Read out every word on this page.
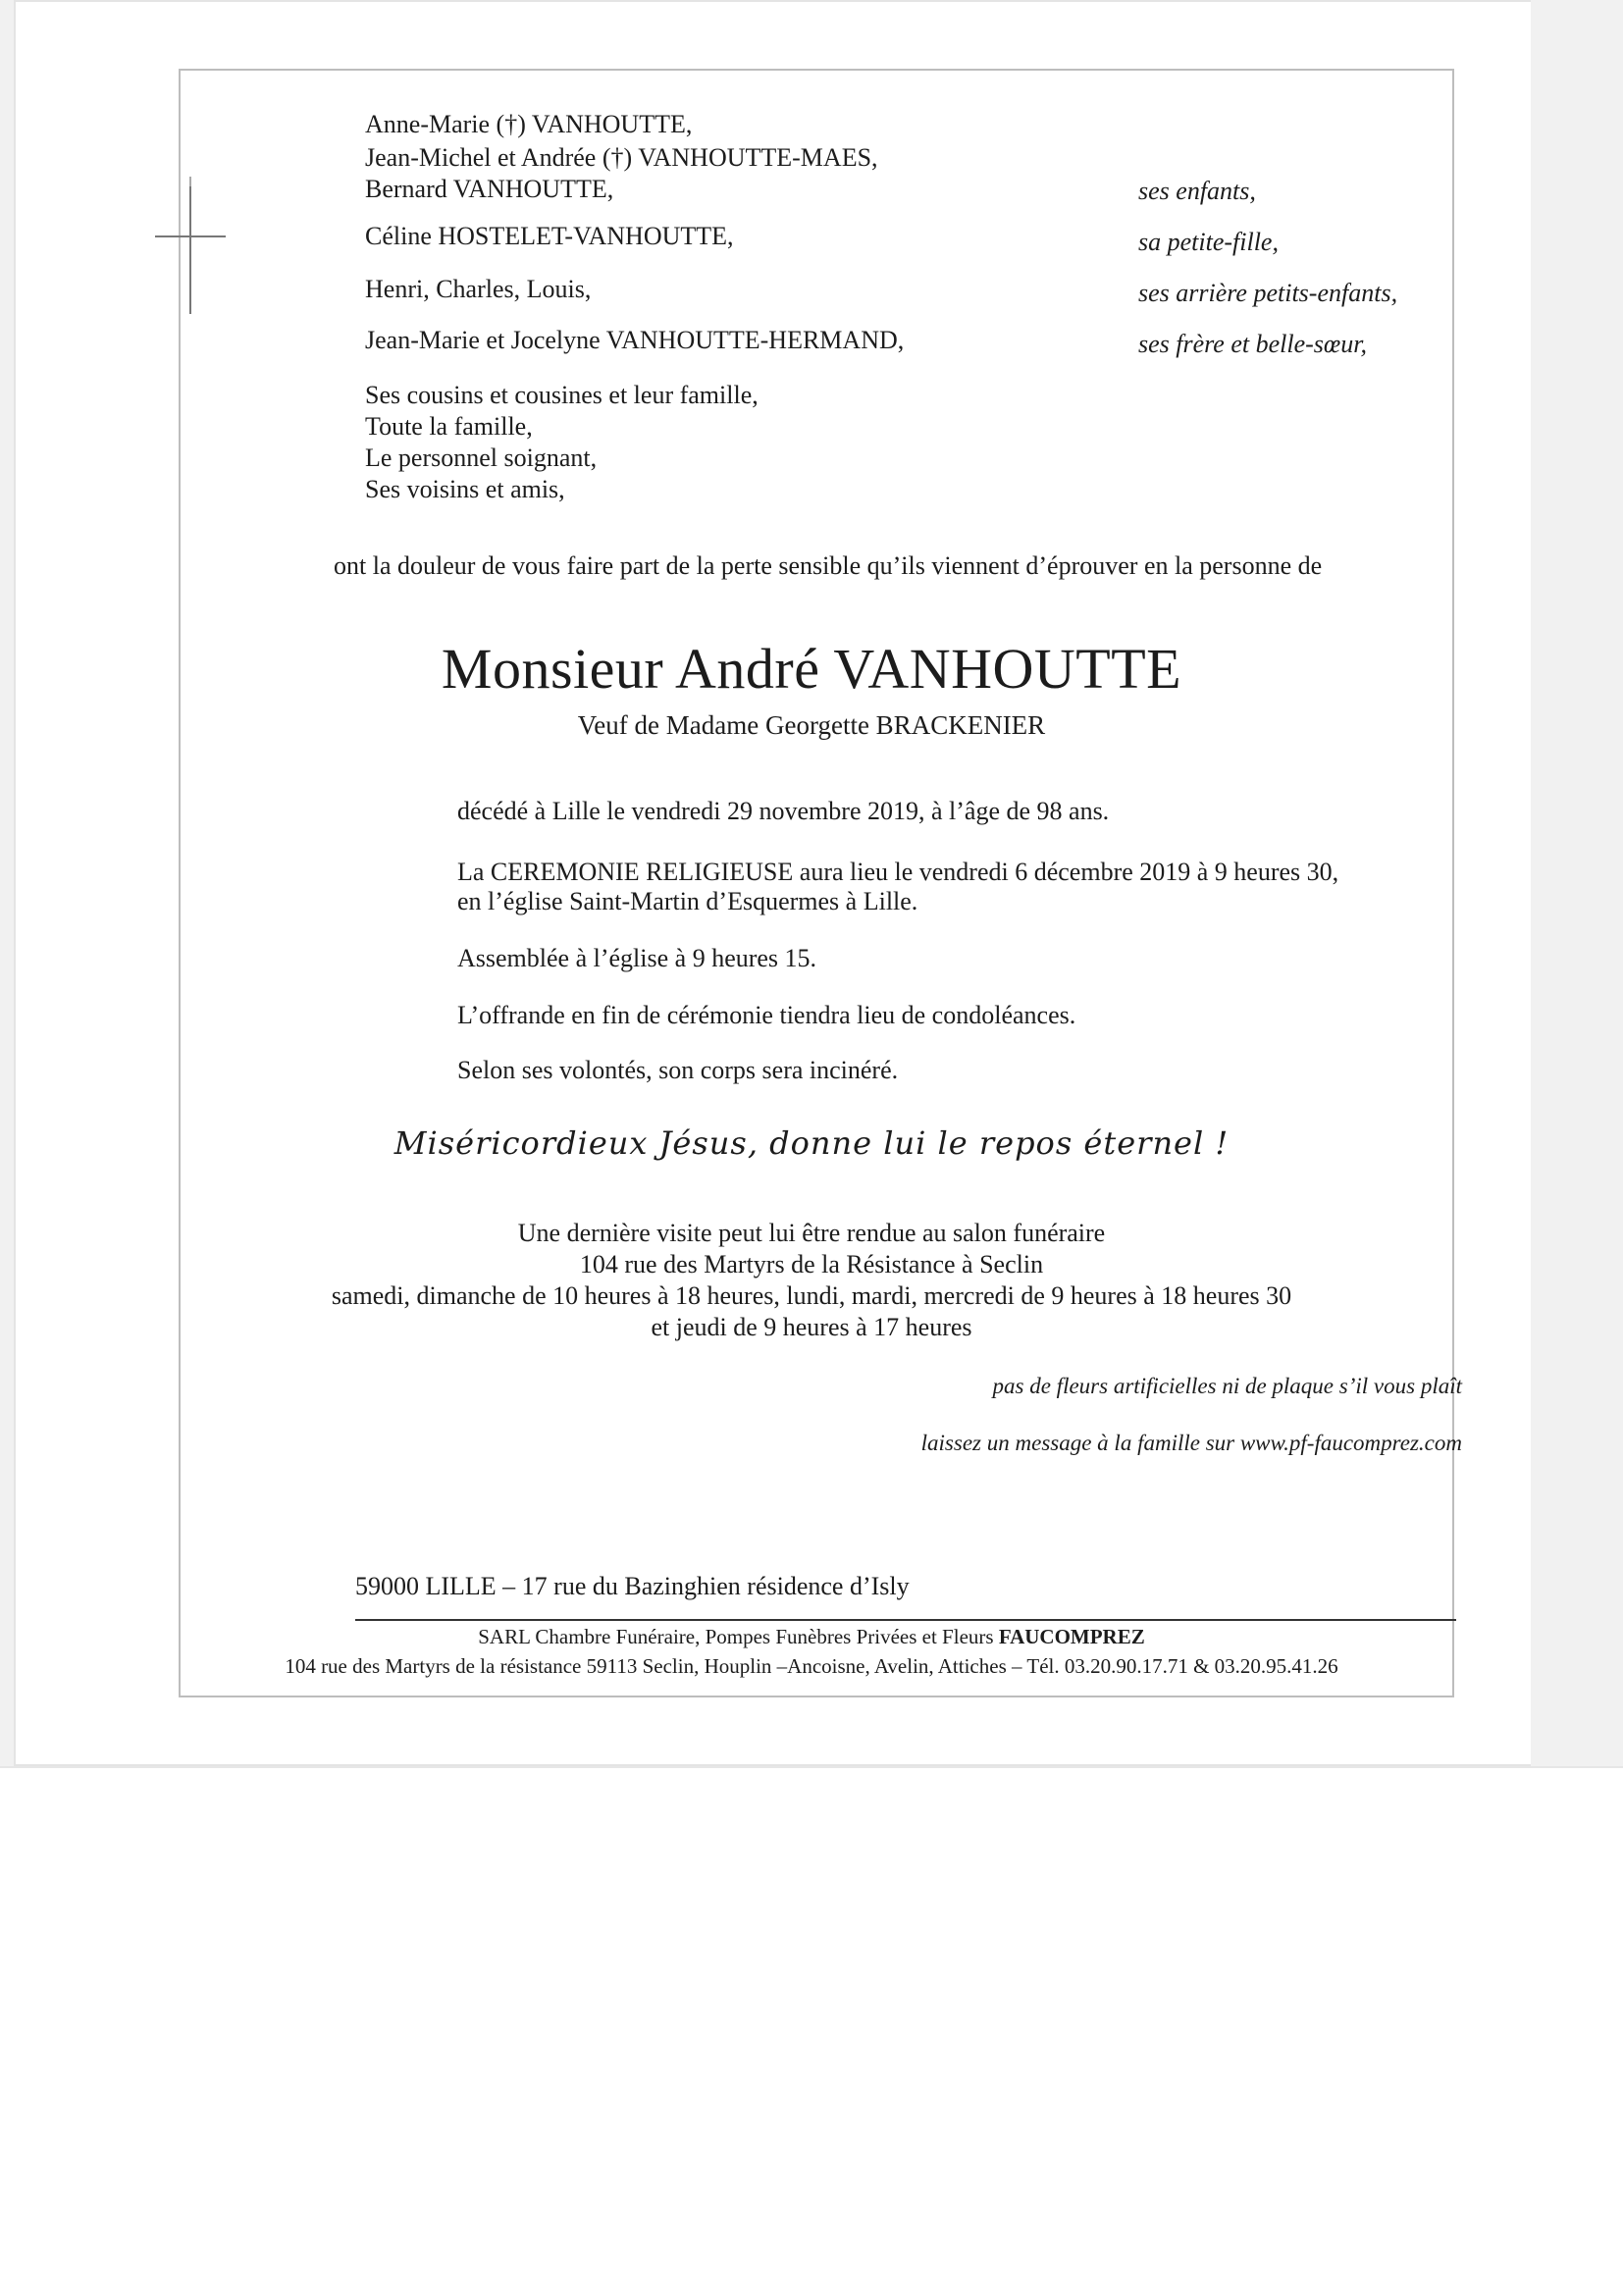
Anne-Marie (†) VANHOUTTE,
Jean-Michel et Andrée (†) VANHOUTTE-MAES,
Bernard VANHOUTTE,
Céline HOSTELET-VANHOUTTE,
Henri, Charles, Louis,
Jean-Marie et Jocelyne VANHOUTTE-HERMAND,
Ses cousins et cousines et leur famille,
Toute la famille,
Le personnel soignant,
Ses voisins et amis,
ses enfants,
sa petite-fille,
ses arrière petits-enfants,
ses frère et belle-sœur,
ont la douleur de vous faire part de la perte sensible qu’ils viennent d’éprouver en la personne de
Monsieur André VANHOUTTE
Veuf de Madame Georgette BRACKENIER
décédé à Lille le vendredi 29 novembre 2019, à l’âge de 98 ans.
La CEREMONIE RELIGIEUSE aura lieu le vendredi 6 décembre 2019 à 9 heures 30,
en l’église Saint-Martin d’Esquermes à Lille.
Assemblée à l’église à 9 heures 15.
L’offrande en fin de cérémonie tiendra lieu de condoléances.
Selon ses volontés, son corps sera incinéré.
Miséricordieux Jésus, donne lui le repos éternel !
Une dernière visite peut lui être rendue au salon funéraire
104 rue des Martyrs de la Résistance à Seclin
samedi, dimanche de 10 heures à 18 heures, lundi, mardi, mercredi de 9 heures à 18 heures 30
et jeudi de 9 heures à 17 heures
pas de fleurs artificielles ni de plaque s’il vous plaît
laissez un message à la famille sur www.pf-faucomprez.com
59000 LILLE – 17 rue du Bazinghien résidence d’Isly
SARL Chambre Funéraire, Pompes Funèbres Privées et Fleurs FAUCOMPREZ
104 rue des Martyrs de la résistance 59113 Seclin, Houplin –Ancoisne, Avelin, Attiches – Tél. 03.20.90.17.71 & 03.20.95.41.26
